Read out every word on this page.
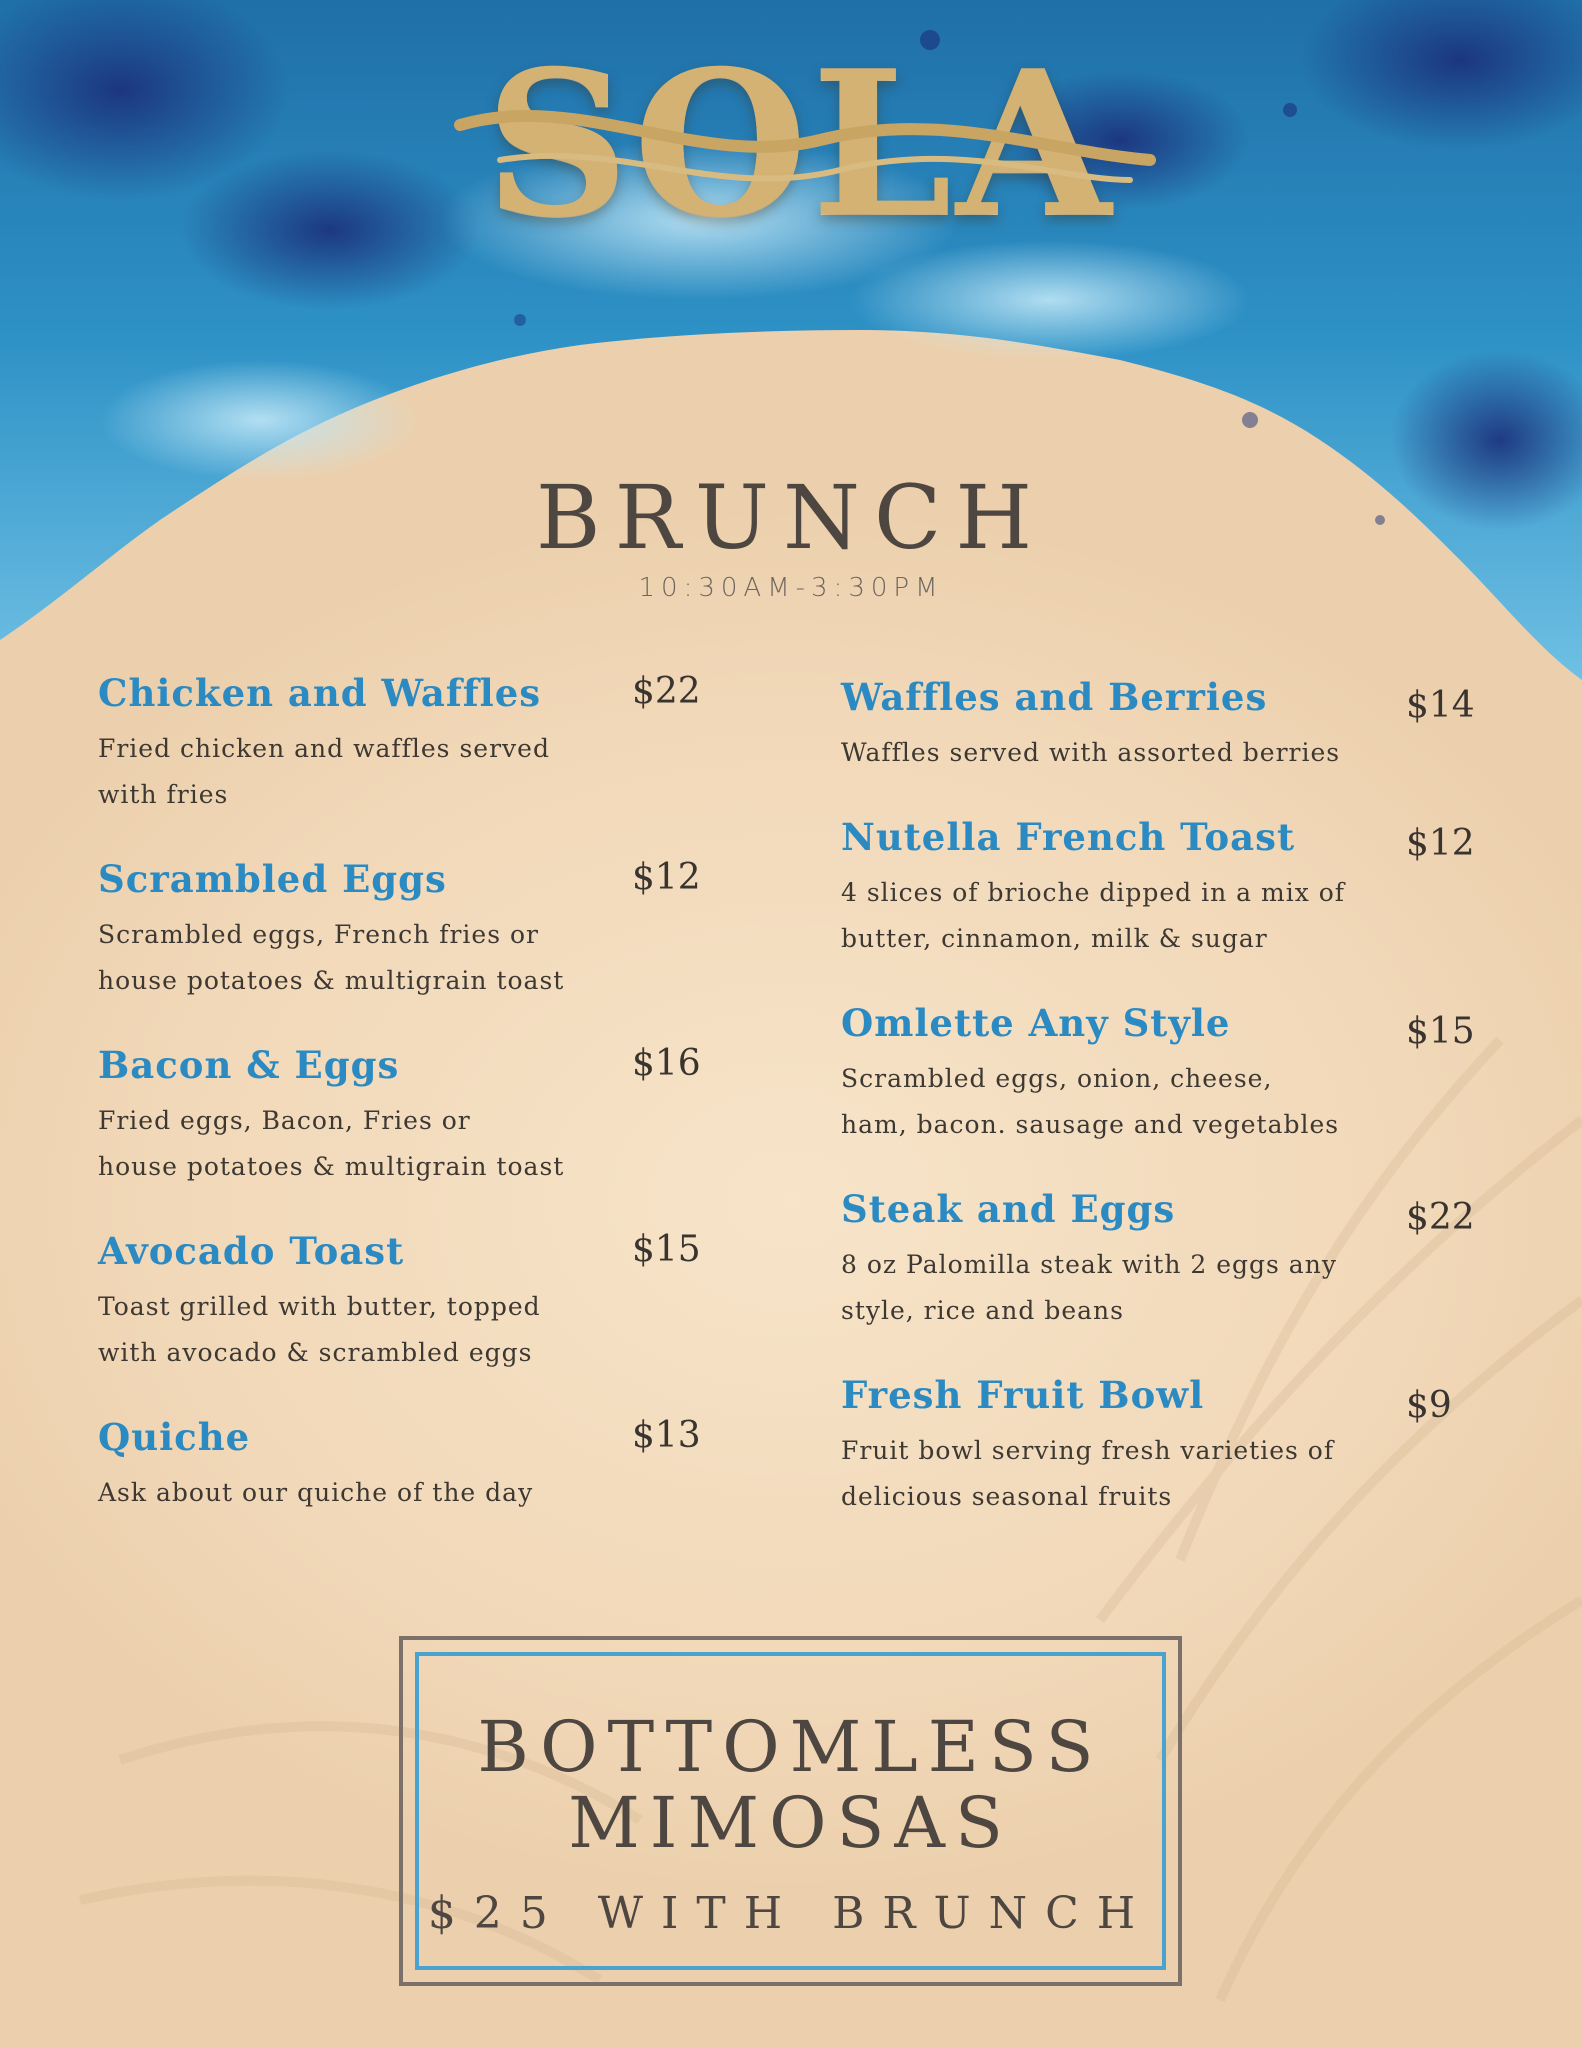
SOLA
BRUNCH
10:30AM-3:30PM
Chicken and Waffles	$22
Fried chicken and waffles served
with fries
Scrambled Eggs	$12
Scrambled eggs, French fries or
house potatoes & multigrain toast
Bacon & Eggs	$16
Fried eggs, Bacon, Fries or
house potatoes & multigrain toast
Avocado Toast	$15
Toast grilled with butter, topped
with avocado & scrambled eggs
Quiche	$13
Ask about our quiche of the day
Waffles and Berries	$14
Waffles served with assorted berries
Nutella French Toast	$12
4 slices of brioche dipped in a mix of
butter, cinnamon, milk & sugar
Omlette Any Style	$15
Scrambled eggs, onion, cheese,
ham, bacon. sausage and vegetables
Steak and Eggs	$22
8 oz Palomilla steak with 2 eggs any
style, rice and beans
Fresh Fruit Bowl	$9
Fruit bowl serving fresh varieties of
delicious seasonal fruits
BOTTOMLESS
MIMOSAS
$25 WITH BRUNCH
